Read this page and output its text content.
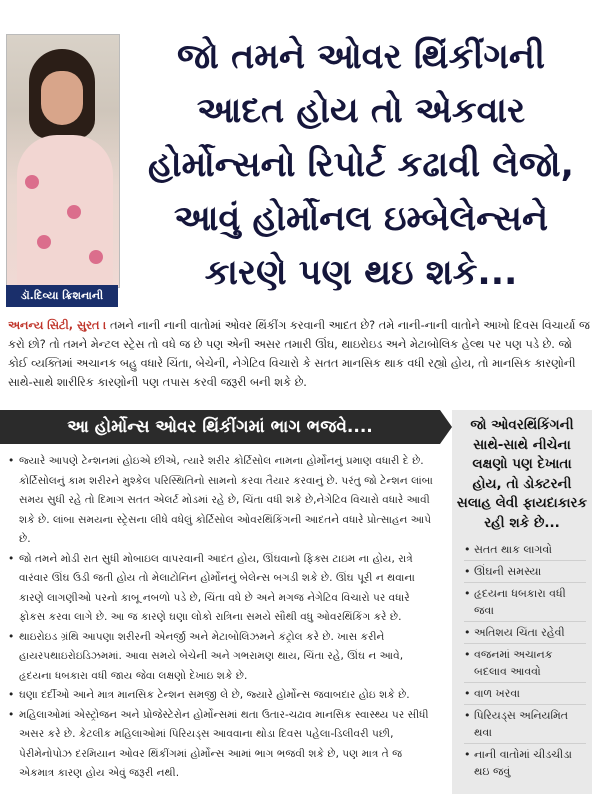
ડૉ.દિવ્યા ક્રિશનાની
જો તમને ઓવર થિંકીંગની
આદત હોય તો એકવાર
હોર્મોન્સનો રિપોર્ટ કઢાવી લેજો,
આવું હોર્મોનલ ઇમ્બેલેન્સને
કારણે પણ થઇ શકે...
અનન્ય સિટી, સુરત । તમને નાની નાની વાતોમાં ઓવર થિંકીંગ કરવાની આદત છે? તમે નાની-નાની વાતોને આખો દિવસ વિચાર્યા જ કરો છો? તો તમને મેન્ટલ સ્ટ્રેસ તો વધે જ છે પણ એની અસર તમારી ઊંઘ, થાઇરોઇડ અને મેટાબોલિક હેલ્થ પર પણ પડે છે. જો કોઈ વ્યક્તિમાં અચાનક બહુ વધારે ચિંતા, બેચેની, નેગેટિવ વિચારો કે સતત માનસિક થાક વધી રહ્યો હોય, તો માનસિક કારણોની સાથે-સાથે શારીરિક કારણોની પણ તપાસ કરવી જરૂરી બની શકે છે.
આ હોર્મોન્સ ઓવર થિંકીંગમાં ભાગ ભજવે....
• જ્યારે આપણે ટેન્શનમાં હોઇએ છીએ, ત્યારે શરીર કોર્ટિસોલ નામના હોર્મોનનું પ્રમાણ વધારી દે છે. કોર્ટિસોલનું કામ શરીરને મુશ્કેલ પરિસ્થિતિનો સામનો કરવા તૈયાર કરવાનું છે. પરંતુ જો ટેન્શન લાંબા સમય સુધી રહે તો દિમાગ સતત એલર્ટ મોડમાં રહે છે, ચિંતા વધી શકે છે,નેગેટિવ વિચારો વધારે આવી શકે છે. લાંબા સમયના સ્ટ્રેસના લીધે વધેલું કોર્ટિસોલ ઓવરથિંકિંગની આદતને વધારે પ્રોત્સાહન આપે છે.
• જો તમને મોડી રાત સુધી મોબાઇલ વાપરવાની આદત હોય, ઊંઘવાનો ફિક્સ ટાઇમ ના હોય, રાત્રે વારંવાર ઊંઘ ઉડી જતી હોય તો મેલાટોનિન હોર્મોનનું બેલેન્સ બગડી શકે છે. ઊંઘ પૂરી ન થવાના કારણે લાગણીઓ પરનો કાબૂ નબળો પડે છે, ચિંતા વધે છે અને મગજ નેગેટિવ વિચારો પર વધારે ફોકસ કરવા લાગે છે. આ જ કારણે ઘણા લોકો રાત્રિના સમયે સૌથી વધુ ઓવરથિંકિંગ કરે છે.
• થાઇરોઇડ ગ્રંથિ આપણા શરીરની એનર્જી અને મેટાબોલિઝમને કંટ્રોલ કરે છે. ખાસ કરીને હાયરપથાઇરોઇડિઝમમાં. આવા સમયે બેચેની અને ગભરામણ થાય, ચિંતા રહે, ઊંઘ ન આવે, હૃદયના ધબકારા વધી જાય જેવા લક્ષણો દેખાઇ શકે છે.
• ઘણા દર્દીઓ આને માત્ર માનસિક ટેન્શન સમજી લે છે, જ્યારે હોર્મોન્સ જવાબદાર હોઇ શકે છે.
• મહિલાઓમાં એસ્ટ્રોજન અને પ્રોજેસ્ટેરોન હોર્મોન્સમાં થતા ઉતાર-ચઢાવ માનસિક સ્વાસ્થ્ય પર સીધી અસર કરે છે. કેટલીક મહિલાઓમાં પિરિયડ્સ આવવાના થોડા દિવસ પહેલા-ડિલીવરી પછી, પેરીમેનોપોઝ દરમિયાન ઓવર થિંકીંગમાં હોર્મોન્સ આમાં ભાગ ભજવી શકે છે, પણ માત્ર તે જ એકમાત્ર કારણ હોય એવું જરૂરી નથી.
જો ઓવરથિંકિંગની સાથે-સાથે નીચેના લક્ષણો પણ દેખાતા હોય, તો ડોક્ટરની સલાહ લેવી ફાયદાકારક રહી શકે છે...
• સતત થાક લાગવો
• ઊંઘની સમસ્યા
• હૃદયના ધબકારા વધી જવા
• અતિશય ચિંતા રહેવી
• વજનમાં અચાનક બદલાવ આવવો
• વાળ ખરવા
• પિરિયડ્સ અનિયમિત થવા
• નાની વાતોમાં ચીડચીડા થઇ જવું
